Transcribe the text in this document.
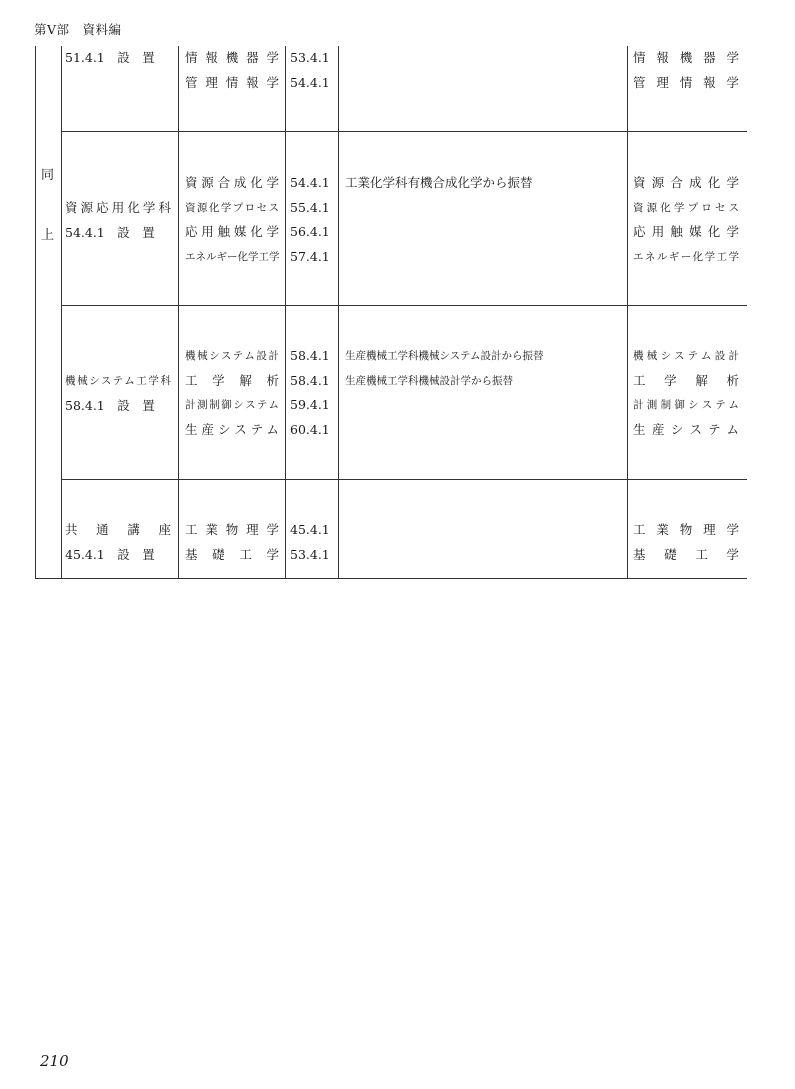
第Ⅴ部　資料編
同
上
51.4.1　設　置	情報機器学
管理情報学
53.4.1
54.4.1
情報機器学
管理情報学
資源応用化学科
54.4.1　設　置
資源合成化学
資源化学プロセス
応用触媒化学
エネルギー化学工学
54.4.1
55.4.1
56.4.1
57.4.1
工業化学科有機合成化学から振替	資源合成化学
資源化学プロセス
応用触媒化学
エネルギー化学工学
機械システム工学科
58.4.1　設　置
機械システム設計
工学解析
計測制御システム
生産システム
58.4.1
58.4.1
59.4.1
60.4.1
生産機械工学科機械システム設計から振替
生産機械工学科機械設計学から振替
機械システム設計
工学解析
計測制御システム
生産システム
共通講座
45.4.1　設　置
工業物理学
基礎工学
45.4.1
53.4.1
工業物理学
基礎工学
210
